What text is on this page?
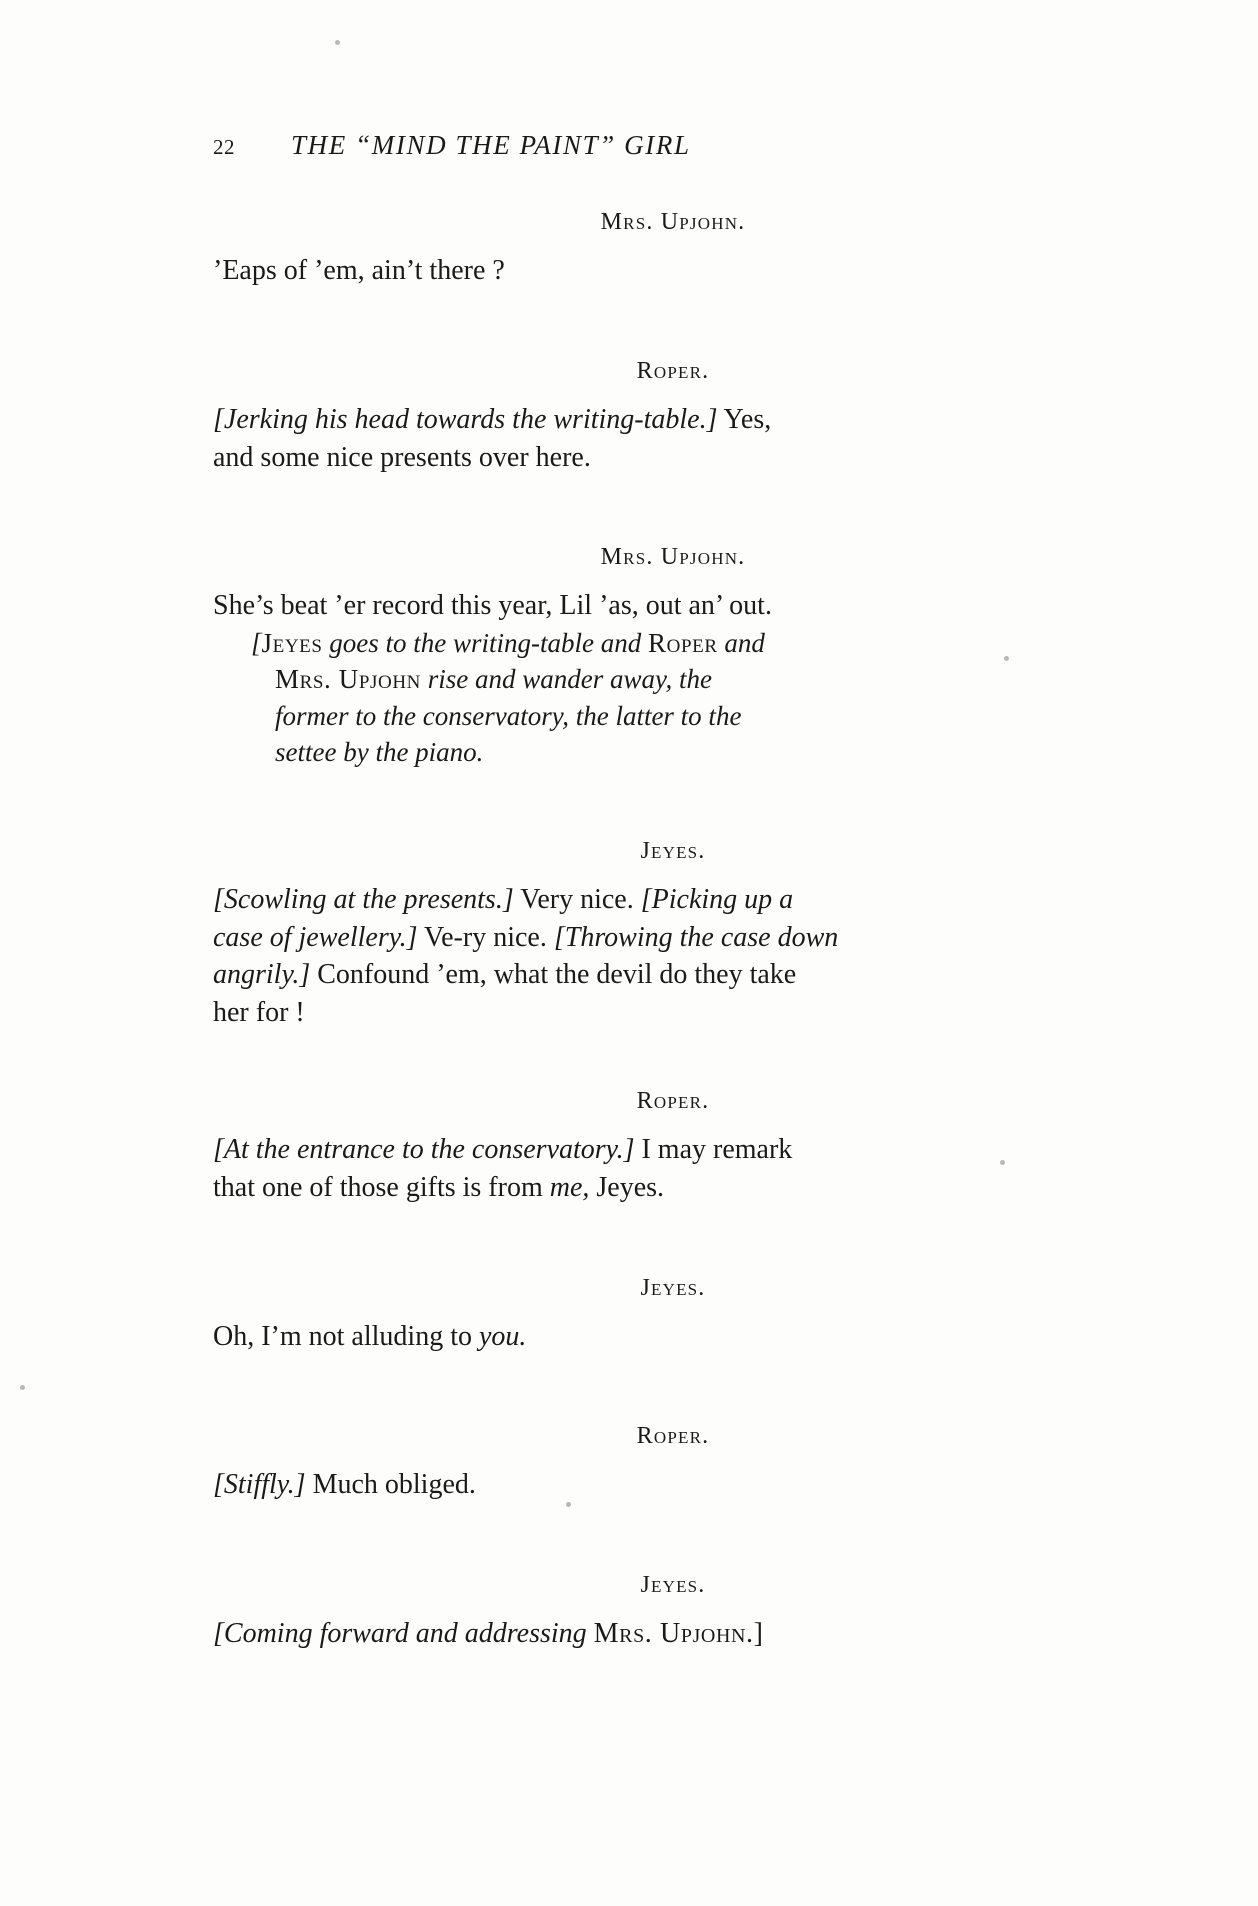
22	THE “MIND THE PAINT” GIRL
Mrs. Upjohn.
’Eaps of ’em, ain’t there ?
Roper.
[Jerking his head towards the writing-table.] Yes,
and some nice presents over here.
Mrs. Upjohn.
She’s beat ’er record this year, Lil ’as, out an’ out.
[Jeyes goes to the writing-table and Roper and
Mrs. Upjohn rise and wander away, the
former to the conservatory, the latter to the
settee by the piano.
Jeyes.
[Scowling at the presents.] Very nice. [Picking up a
case of jewellery.] Ve-ry nice. [Throwing the case down
angrily.] Confound ’em, what the devil do they take
her for !
Roper.
[At the entrance to the conservatory.] I may remark
that one of those gifts is from me, Jeyes.
Jeyes.
Oh, I’m not alluding to you.
Roper.
[Stiffly.] Much obliged.
Jeyes.
[Coming forward and addressing Mrs. Upjohn.]
